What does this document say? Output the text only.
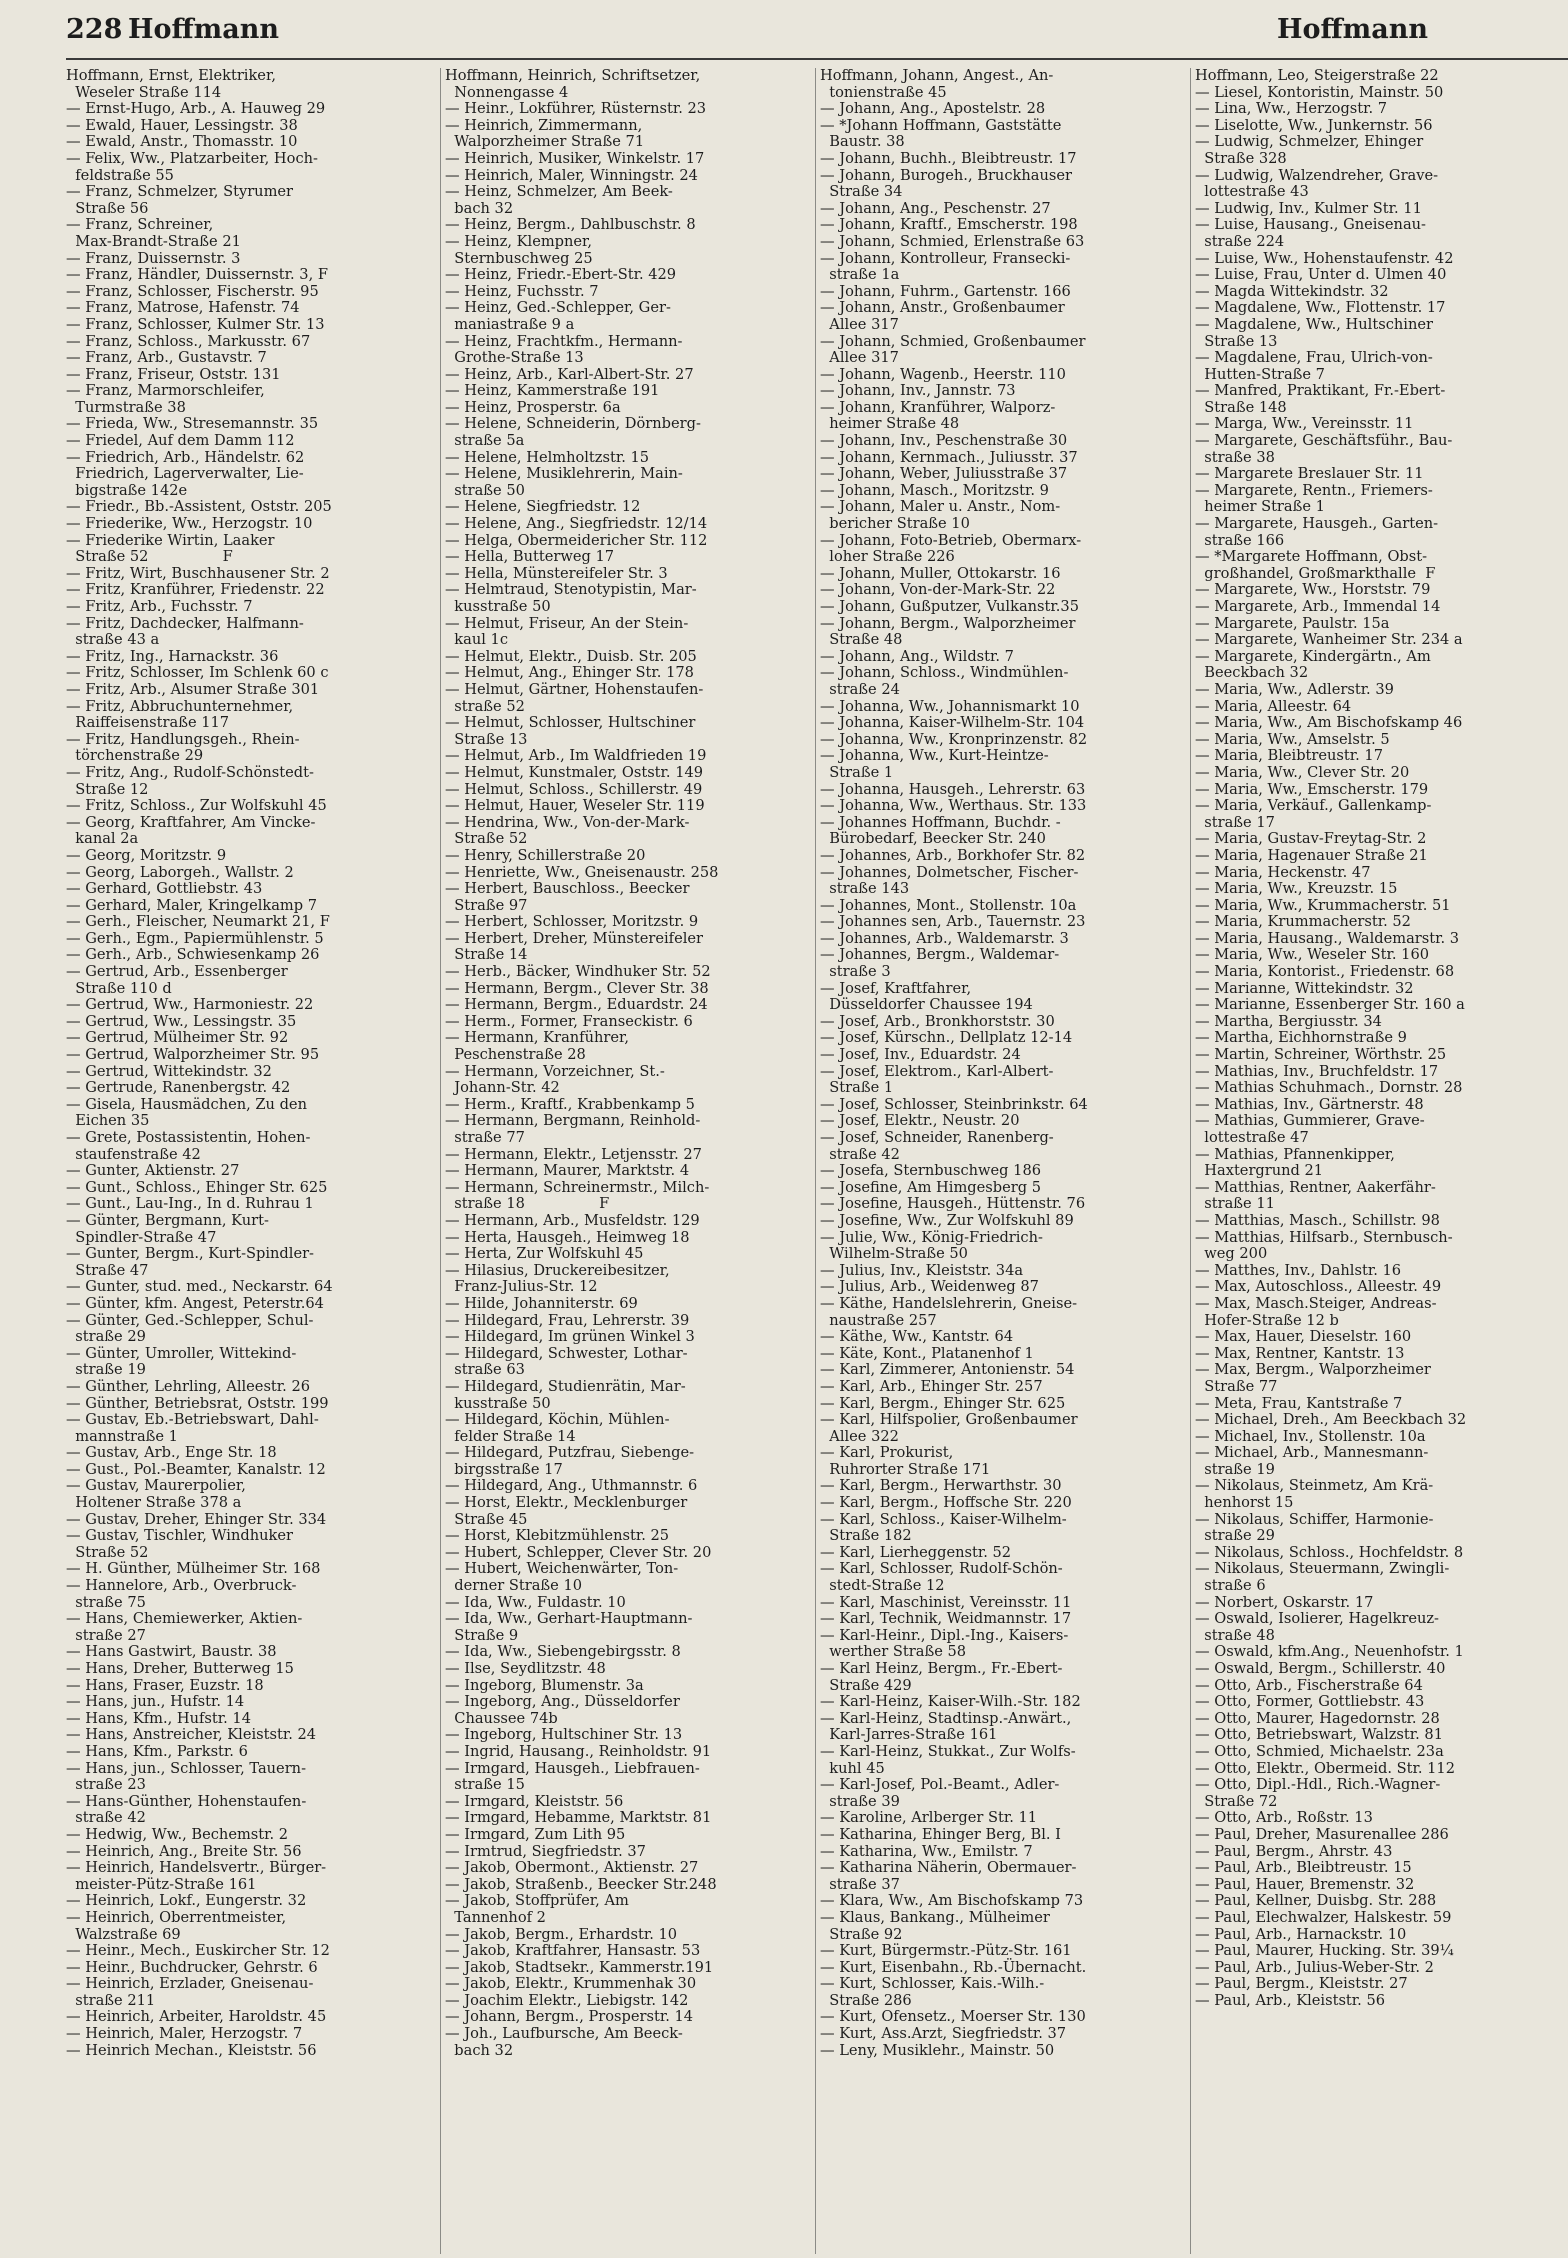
228 Hoffmann	Hoffmann
Hoffmann, Ernst, Elektriker,
Weseler Straße 114
— Ernst-Hugo, Arb., A. Hauweg 29
— Ewald, Hauer, Lessingstr. 38
— Ewald, Anstr., Thomasstr. 10
— Felix, Ww., Platzarbeiter, Hoch-
feldstraße 55
— Franz, Schmelzer, Styrumer
Straße 56
— Franz, Schreiner,
Max-Brandt-Straße 21
— Franz, Duissernstr. 3
— Franz, Händler, Duissernstr. 3, F
— Franz, Schlosser, Fischerstr. 95
— Franz, Matrose, Hafenstr. 74
— Franz, Schlosser, Kulmer Str. 13
— Franz, Schloss., Markusstr. 67
— Franz, Arb., Gustavstr. 7
— Franz, Friseur, Oststr. 131
— Franz, Marmorschleifer,
Turmstraße 38
— Frieda, Ww., Stresemannstr. 35
— Friedel, Auf dem Damm 112
— Friedrich, Arb., Händelstr. 62
Friedrich, Lagerverwalter, Lie-
bigstraße 142e
— Friedr., Bb.-Assistent, Oststr. 205
— Friederike, Ww., Herzogstr. 10
— Friederike Wirtin, Laaker
Straße 52                F
— Fritz, Wirt, Buschhausener Str. 2
— Fritz, Kranführer, Friedenstr. 22
— Fritz, Arb., Fuchsstr. 7
— Fritz, Dachdecker, Halfmann-
straße 43 a
— Fritz, Ing., Harnackstr. 36
— Fritz, Schlosser, Im Schlenk 60 c
— Fritz, Arb., Alsumer Straße 301
— Fritz, Abbruchunternehmer,
Raiffeisenstraße 117
— Fritz, Handlungsgeh., Rhein-
törchenstraße 29
— Fritz, Ang., Rudolf-Schönstedt-
Straße 12
— Fritz, Schloss., Zur Wolfskuhl 45
— Georg, Kraftfahrer, Am Vincke-
kanal 2a
— Georg, Moritzstr. 9
— Georg, Laborgeh., Wallstr. 2
— Gerhard, Gottliebstr. 43
— Gerhard, Maler, Kringelkamp 7
— Gerh., Fleischer, Neumarkt 21, F
— Gerh., Egm., Papiermühlenstr. 5
— Gerh., Arb., Schwiesenkamp 26
— Gertrud, Arb., Essenberger
Straße 110 d
— Gertrud, Ww., Harmoniestr. 22
— Gertrud, Ww., Lessingstr. 35
— Gertrud, Mülheimer Str. 92
— Gertrud, Walporzheimer Str. 95
— Gertrud, Wittekindstr. 32
— Gertrude, Ranenbergstr. 42
— Gisela, Hausmädchen, Zu den
Eichen 35
— Grete, Postassistentin, Hohen-
staufenstraße 42
— Gunter, Aktienstr. 27
— Gunt., Schloss., Ehinger Str. 625
— Gunt., Lau-Ing., In d. Ruhrau 1
— Günter, Bergmann, Kurt-
Spindler-Straße 47
— Gunter, Bergm., Kurt-Spindler-
Straße 47
— Gunter, stud. med., Neckarstr. 64
— Günter, kfm. Angest, Peterstr.64
— Günter, Ged.-Schlepper, Schul-
straße 29
— Günter, Umroller, Wittekind-
straße 19
— Günther, Lehrling, Alleestr. 26
— Günther, Betriebsrat, Oststr. 199
— Gustav, Eb.-Betriebswart, Dahl-
mannstraße 1
— Gustav, Arb., Enge Str. 18
— Gust., Pol.-Beamter, Kanalstr. 12
— Gustav, Maurerpolier,
Holtener Straße 378 a
— Gustav, Dreher, Ehinger Str. 334
— Gustav, Tischler, Windhuker
Straße 52
— H. Günther, Mülheimer Str. 168
— Hannelore, Arb., Overbruck-
straße 75
— Hans, Chemiewerker, Aktien-
straße 27
— Hans Gastwirt, Baustr. 38
— Hans, Dreher, Butterweg 15
— Hans, Fraser, Euzstr. 18
— Hans, jun., Hufstr. 14
— Hans, Kfm., Hufstr. 14
— Hans, Anstreicher, Kleiststr. 24
— Hans, Kfm., Parkstr. 6
— Hans, jun., Schlosser, Tauern-
straße 23
— Hans-Günther, Hohenstaufen-
straße 42
— Hedwig, Ww., Bechemstr. 2
— Heinrich, Ang., Breite Str. 56
— Heinrich, Handelsvertr., Bürger-
meister-Pütz-Straße 161
— Heinrich, Lokf., Eungerstr. 32
— Heinrich, Oberrentmeister,
Walzstraße 69
— Heinr., Mech., Euskircher Str. 12
— Heinr., Buchdrucker, Gehrstr. 6
— Heinrich, Erzlader, Gneisenau-
straße 211
— Heinrich, Arbeiter, Haroldstr. 45
— Heinrich, Maler, Herzogstr. 7
— Heinrich Mechan., Kleiststr. 56
Hoffmann, Heinrich, Schriftsetzer,
Nonnengasse 4
— Heinr., Lokführer, Rüsternstr. 23
— Heinrich, Zimmermann,
Walporzheimer Straße 71
— Heinrich, Musiker, Winkelstr. 17
— Heinrich, Maler, Winningstr. 24
— Heinz, Schmelzer, Am Beek-
bach 32
— Heinz, Bergm., Dahlbuschstr. 8
— Heinz, Klempner,
Sternbuschweg 25
— Heinz, Friedr.-Ebert-Str. 429
— Heinz, Fuchsstr. 7
— Heinz, Ged.-Schlepper, Ger-
maniastraße 9 a
— Heinz, Frachtkfm., Hermann-
Grothe-Straße 13
— Heinz, Arb., Karl-Albert-Str. 27
— Heinz, Kammerstraße 191
— Heinz, Prosperstr. 6a
— Helene, Schneiderin, Dörnberg-
straße 5a
— Helene, Helmholtzstr. 15
— Helene, Musiklehrerin, Main-
straße 50
— Helene, Siegfriedstr. 12
— Helene, Ang., Siegfriedstr. 12/14
— Helga, Obermeidericher Str. 112
— Hella, Butterweg 17
— Hella, Münstereifeler Str. 3
— Helmtraud, Stenotypistin, Mar-
kusstraße 50
— Helmut, Friseur, An der Stein-
kaul 1c
— Helmut, Elektr., Duisb. Str. 205
— Helmut, Ang., Ehinger Str. 178
— Helmut, Gärtner, Hohenstaufen-
straße 52
— Helmut, Schlosser, Hultschiner
Straße 13
— Helmut, Arb., Im Waldfrieden 19
— Helmut, Kunstmaler, Oststr. 149
— Helmut, Schloss., Schillerstr. 49
— Helmut, Hauer, Weseler Str. 119
— Hendrina, Ww., Von-der-Mark-
Straße 52
— Henry, Schillerstraße 20
— Henriette, Ww., Gneisenaustr. 258
— Herbert, Bauschloss., Beecker
Straße 97
— Herbert, Schlosser, Moritzstr. 9
— Herbert, Dreher, Münstereifeler
Straße 14
— Herb., Bäcker, Windhuker Str. 52
— Hermann, Bergm., Clever Str. 38
— Hermann, Bergm., Eduardstr. 24
— Herm., Former, Franseckistr. 6
— Hermann, Kranführer,
Peschenstraße 28
— Hermann, Vorzeichner, St.-
Johann-Str. 42
— Herm., Kraftf., Krabbenkamp 5
— Hermann, Bergmann, Reinhold-
straße 77
— Hermann, Elektr., Letjensstr. 27
— Hermann, Maurer, Marktstr. 4
— Hermann, Schreinermstr., Milch-
straße 18                F
— Hermann, Arb., Musfeldstr. 129
— Herta, Hausgeh., Heimweg 18
— Herta, Zur Wolfskuhl 45
— Hilasius, Druckereibesitzer,
Franz-Julius-Str. 12
— Hilde, Johanniterstr. 69
— Hildegard, Frau, Lehrerstr. 39
— Hildegard, Im grünen Winkel 3
— Hildegard, Schwester, Lothar-
straße 63
— Hildegard, Studienrätin, Mar-
kusstraße 50
— Hildegard, Köchin, Mühlen-
felder Straße 14
— Hildegard, Putzfrau, Siebenge-
birgsstraße 17
— Hildegard, Ang., Uthmannstr. 6
— Horst, Elektr., Mecklenburger
Straße 45
— Horst, Klebitzmühlenstr. 25
— Hubert, Schlepper, Clever Str. 20
— Hubert, Weichenwärter, Ton-
derner Straße 10
— Ida, Ww., Fuldastr. 10
— Ida, Ww., Gerhart-Hauptmann-
Straße 9
— Ida, Ww., Siebengebirgsstr. 8
— Ilse, Seydlitzstr. 48
— Ingeborg, Blumenstr. 3a
— Ingeborg, Ang., Düsseldorfer
Chaussee 74b
— Ingeborg, Hultschiner Str. 13
— Ingrid, Hausang., Reinholdstr. 91
— Irmgard, Hausgeh., Liebfrauen-
straße 15
— Irmgard, Kleiststr. 56
— Irmgard, Hebamme, Marktstr. 81
— Irmgard, Zum Lith 95
— Irmtrud, Siegfriedstr. 37
— Jakob, Obermont., Aktienstr. 27
— Jakob, Straßenb., Beecker Str.248
— Jakob, Stoffprüfer, Am
Tannenhof 2
— Jakob, Bergm., Erhardstr. 10
— Jakob, Kraftfahrer, Hansastr. 53
— Jakob, Stadtsekr., Kammerstr.191
— Jakob, Elektr., Krummenhak 30
— Joachim Elektr., Liebigstr. 142
— Johann, Bergm., Prosperstr. 14
— Joh., Laufbursche, Am Beeck-
bach 32
Hoffmann, Johann, Angest., An-
tonienstraße 45
— Johann, Ang., Apostelstr. 28
— *Johann Hoffmann, Gaststätte
Baustr. 38
— Johann, Buchh., Bleibtreustr. 17
— Johann, Burogeh., Bruckhauser
Straße 34
— Johann, Ang., Peschenstr. 27
— Johann, Kraftf., Emscherstr. 198
— Johann, Schmied, Erlenstraße 63
— Johann, Kontrolleur, Fransecki-
straße 1a
— Johann, Fuhrm., Gartenstr. 166
— Johann, Anstr., Großenbaumer
Allee 317
— Johann, Schmied, Großenbaumer
Allee 317
— Johann, Wagenb., Heerstr. 110
— Johann, Inv., Jannstr. 73
— Johann, Kranführer, Walporz-
heimer Straße 48
— Johann, Inv., Peschenstraße 30
— Johann, Kernmach., Juliusstr. 37
— Johann, Weber, Juliusstraße 37
— Johann, Masch., Moritzstr. 9
— Johann, Maler u. Anstr., Nom-
bericher Straße 10
— Johann, Foto-Betrieb, Obermarx-
loher Straße 226
— Johann, Muller, Ottokarstr. 16
— Johann, Von-der-Mark-Str. 22
— Johann, Gußputzer, Vulkanstr.35
— Johann, Bergm., Walporzheimer
Straße 48
— Johann, Ang., Wildstr. 7
— Johann, Schloss., Windmühlen-
straße 24
— Johanna, Ww., Johannismarkt 10
— Johanna, Kaiser-Wilhelm-Str. 104
— Johanna, Ww., Kronprinzenstr. 82
— Johanna, Ww., Kurt-Heintze-
Straße 1
— Johanna, Hausgeh., Lehrerstr. 63
— Johanna, Ww., Werthaus. Str. 133
— Johannes Hoffmann, Buchdr. -
Bürobedarf, Beecker Str. 240
— Johannes, Arb., Borkhofer Str. 82
— Johannes, Dolmetscher, Fischer-
straße 143
— Johannes, Mont., Stollenstr. 10a
— Johannes sen, Arb., Tauernstr. 23
— Johannes, Arb., Waldemarstr. 3
— Johannes, Bergm., Waldemar-
straße 3
— Josef, Kraftfahrer,
Düsseldorfer Chaussee 194
— Josef, Arb., Bronkhorststr. 30
— Josef, Kürschn., Dellplatz 12-14
— Josef, Inv., Eduardstr. 24
— Josef, Elektrom., Karl-Albert-
Straße 1
— Josef, Schlosser, Steinbrinkstr. 64
— Josef, Elektr., Neustr. 20
— Josef, Schneider, Ranenberg-
straße 42
— Josefa, Sternbuschweg 186
— Josefine, Am Himgesberg 5
— Josefine, Hausgeh., Hüttenstr. 76
— Josefine, Ww., Zur Wolfskuhl 89
— Julie, Ww., König-Friedrich-
Wilhelm-Straße 50
— Julius, Inv., Kleiststr. 34a
— Julius, Arb., Weidenweg 87
— Käthe, Handelslehrerin, Gneise-
naustraße 257
— Käthe, Ww., Kantstr. 64
— Käte, Kont., Platanenhof 1
— Karl, Zimmerer, Antonienstr. 54
— Karl, Arb., Ehinger Str. 257
— Karl, Bergm., Ehinger Str. 625
— Karl, Hilfspolier, Großenbaumer
Allee 322
— Karl, Prokurist,
Ruhrorter Straße 171
— Karl, Bergm., Herwarthstr. 30
— Karl, Bergm., Hoffsche Str. 220
— Karl, Schloss., Kaiser-Wilhelm-
Straße 182
— Karl, Lierheggenstr. 52
— Karl, Schlosser, Rudolf-Schön-
stedt-Straße 12
— Karl, Maschinist, Vereinsstr. 11
— Karl, Technik, Weidmannstr. 17
— Karl-Heinr., Dipl.-Ing., Kaisers-
werther Straße 58
— Karl Heinz, Bergm., Fr.-Ebert-
Straße 429
— Karl-Heinz, Kaiser-Wilh.-Str. 182
— Karl-Heinz, Stadtinsp.-Anwärt.,
Karl-Jarres-Straße 161
— Karl-Heinz, Stukkat., Zur Wolfs-
kuhl 45
— Karl-Josef, Pol.-Beamt., Adler-
straße 39
— Karoline, Arlberger Str. 11
— Katharina, Ehinger Berg, Bl. I
— Katharina, Ww., Emilstr. 7
— Katharina Näherin, Obermauer-
straße 37
— Klara, Ww., Am Bischofskamp 73
— Klaus, Bankang., Mülheimer
Straße 92
— Kurt, Bürgermstr.-Pütz-Str. 161
— Kurt, Eisenbahn., Rb.-Übernacht.
— Kurt, Schlosser, Kais.-Wilh.-
Straße 286
— Kurt, Ofensetz., Moerser Str. 130
— Kurt, Ass.Arzt, Siegfriedstr. 37
— Leny, Musiklehr., Mainstr. 50
Hoffmann, Leo, Steigerstraße 22
— Liesel, Kontoristin, Mainstr. 50
— Lina, Ww., Herzogstr. 7
— Liselotte, Ww., Junkernstr. 56
— Ludwig, Schmelzer, Ehinger
Straße 328
— Ludwig, Walzendreher, Grave-
lottestraße 43
— Ludwig, Inv., Kulmer Str. 11
— Luise, Hausang., Gneisenau-
straße 224
— Luise, Ww., Hohenstaufenstr. 42
— Luise, Frau, Unter d. Ulmen 40
— Magda Wittekindstr. 32
— Magdalene, Ww., Flottenstr. 17
— Magdalene, Ww., Hultschiner
Straße 13
— Magdalene, Frau, Ulrich-von-
Hutten-Straße 7
— Manfred, Praktikant, Fr.-Ebert-
Straße 148
— Marga, Ww., Vereinsstr. 11
— Margarete, Geschäftsführ., Bau-
straße 38
— Margarete Breslauer Str. 11
— Margarete, Rentn., Friemers-
heimer Straße 1
— Margarete, Hausgeh., Garten-
straße 166
— *Margarete Hoffmann, Obst-
großhandel, Großmarkthalle  F
— Margarete, Ww., Horststr. 79
— Margarete, Arb., Immendal 14
— Margarete, Paulstr. 15a
— Margarete, Wanheimer Str. 234 a
— Margarete, Kindergärtn., Am
Beeckbach 32
— Maria, Ww., Adlerstr. 39
— Maria, Alleestr. 64
— Maria, Ww., Am Bischofskamp 46
— Maria, Ww., Amselstr. 5
— Maria, Bleibtreustr. 17
— Maria, Ww., Clever Str. 20
— Maria, Ww., Emscherstr. 179
— Maria, Verkäuf., Gallenkamp-
straße 17
— Maria, Gustav-Freytag-Str. 2
— Maria, Hagenauer Straße 21
— Maria, Heckenstr. 47
— Maria, Ww., Kreuzstr. 15
— Maria, Ww., Krummacherstr. 51
— Maria, Krummacherstr. 52
— Maria, Hausang., Waldemarstr. 3
— Maria, Ww., Weseler Str. 160
— Maria, Kontorist., Friedenstr. 68
— Marianne, Wittekindstr. 32
— Marianne, Essenberger Str. 160 a
— Martha, Bergiusstr. 34
— Martha, Eichhornstraße 9
— Martin, Schreiner, Wörthstr. 25
— Mathias, Inv., Bruchfeldstr. 17
— Mathias Schuhmach., Dornstr. 28
— Mathias, Inv., Gärtnerstr. 48
— Mathias, Gummierer, Grave-
lottestraße 47
— Mathias, Pfannenkipper,
Haxtergrund 21
— Matthias, Rentner, Aakerfähr-
straße 11
— Matthias, Masch., Schillstr. 98
— Matthias, Hilfsarb., Sternbusch-
weg 200
— Matthes, Inv., Dahlstr. 16
— Max, Autoschloss., Alleestr. 49
— Max, Masch.Steiger, Andreas-
Hofer-Straße 12 b
— Max, Hauer, Dieselstr. 160
— Max, Rentner, Kantstr. 13
— Max, Bergm., Walporzheimer
Straße 77
— Meta, Frau, Kantstraße 7
— Michael, Dreh., Am Beeckbach 32
— Michael, Inv., Stollenstr. 10a
— Michael, Arb., Mannesmann-
straße 19
— Nikolaus, Steinmetz, Am Krä-
henhorst 15
— Nikolaus, Schiffer, Harmonie-
straße 29
— Nikolaus, Schloss., Hochfeldstr. 8
— Nikolaus, Steuermann, Zwingli-
straße 6
— Norbert, Oskarstr. 17
— Oswald, Isolierer, Hagelkreuz-
straße 48
— Oswald, kfm.Ang., Neuenhofstr. 1
— Oswald, Bergm., Schillerstr. 40
— Otto, Arb., Fischerstraße 64
— Otto, Former, Gottliebstr. 43
— Otto, Maurer, Hagedornstr. 28
— Otto, Betriebswart, Walzstr. 81
— Otto, Schmied, Michaelstr. 23a
— Otto, Elektr., Obermeid. Str. 112
— Otto, Dipl.-Hdl., Rich.-Wagner-
Straße 72
— Otto, Arb., Roßstr. 13
— Paul, Dreher, Masurenallee 286
— Paul, Bergm., Ahrstr. 43
— Paul, Arb., Bleibtreustr. 15
— Paul, Hauer, Bremenstr. 32
— Paul, Kellner, Duisbg. Str. 288
— Paul, Elechwalzer, Halskestr. 59
— Paul, Arb., Harnackstr. 10
— Paul, Maurer, Hucking. Str. 39¼
— Paul, Arb., Julius-Weber-Str. 2
— Paul, Bergm., Kleiststr. 27
— Paul, Arb., Kleiststr. 56
